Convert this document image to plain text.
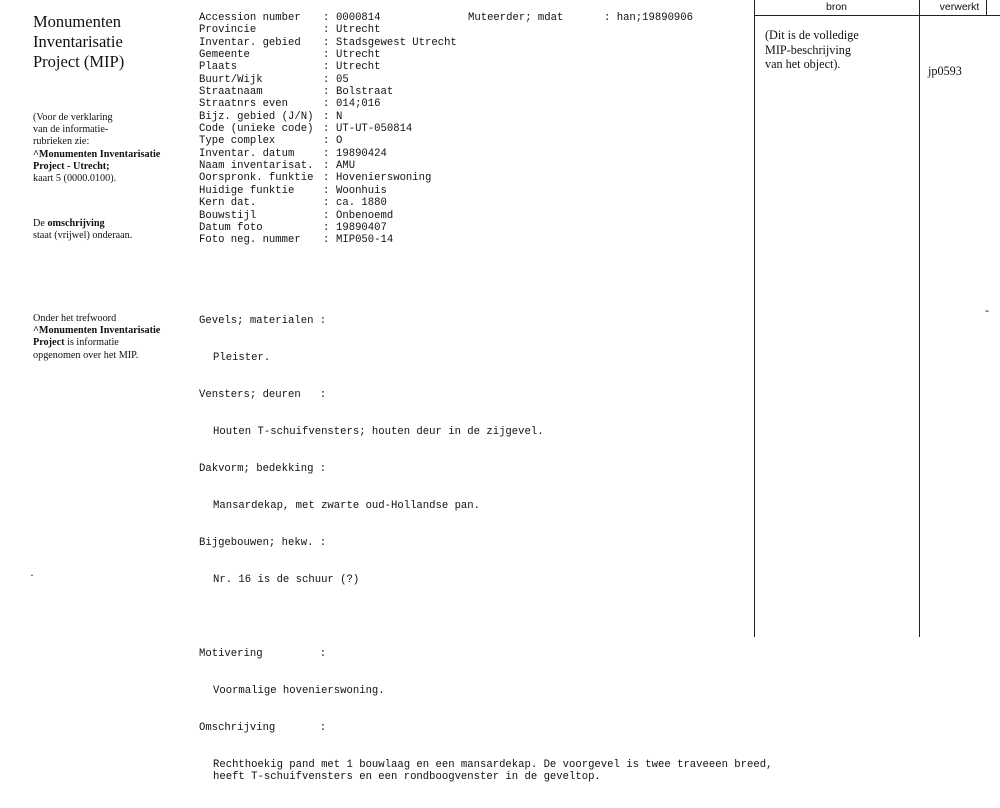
Monumenten
Inventarisatie
Project (MIP)
(Voor de verklaring
van de informatie-
rubrieken zie:
^Monumenten Inventarisatie
Project - Utrecht;
kaart 5 (0000.0100).
De omschrijving
staat (vrijwel) onderaan.
Onder het trefwoord
^Monumenten Inventarisatie
Project is informatie
opgenomen over het MIP.
·
Accession number : 0000814
Provincie	: Utrecht
Inventar. gebied : Stadsgewest Utrecht
Gemeente	: Utrecht
Plaats	: Utrecht
Buurt/Wijk	: 05
Straatnaam	: Bolstraat
Straatnrs even	: 014;016
Bijz. gebied (J/N) : N
Code (unieke code) : UT-UT-050814
Type complex	: O
Inventar. datum	: 19890424
Naam inventarisat. : AMU
Oorspronk. funktie : Hovenierswoning
Huidige funktie	: Woonhuis
Kern dat.	: ca. 1880
Bouwstijl	: Onbenoemd
Datum foto	: 19890407
Foto neg. nummer : MIP050-14
Muteerder; mdat	: han;19890906

Gevels; materialen :

Pleister.

Vensters; deuren   :

Houten T-schuifvensters; houten deur in de zijgevel.

Dakvorm; bedekking :

Mansardekap, met zwarte oud-Hollandse pan.

Bijgebouwen; hekw. :

Nr. 16 is de schuur (?)

Motivering         :

Voormalige hovenierswoning.

Omschrijving       :

Rechthoekig pand met 1 bouwlaag en een mansardekap. De voorgevel is twee traveeen breed, heeft T-schuifvensters en een rondboogvenster in de geveltop.

bron	verwerkt
(Dit is de volledige
MIP-beschrijving
van het object).	jp0593
-
